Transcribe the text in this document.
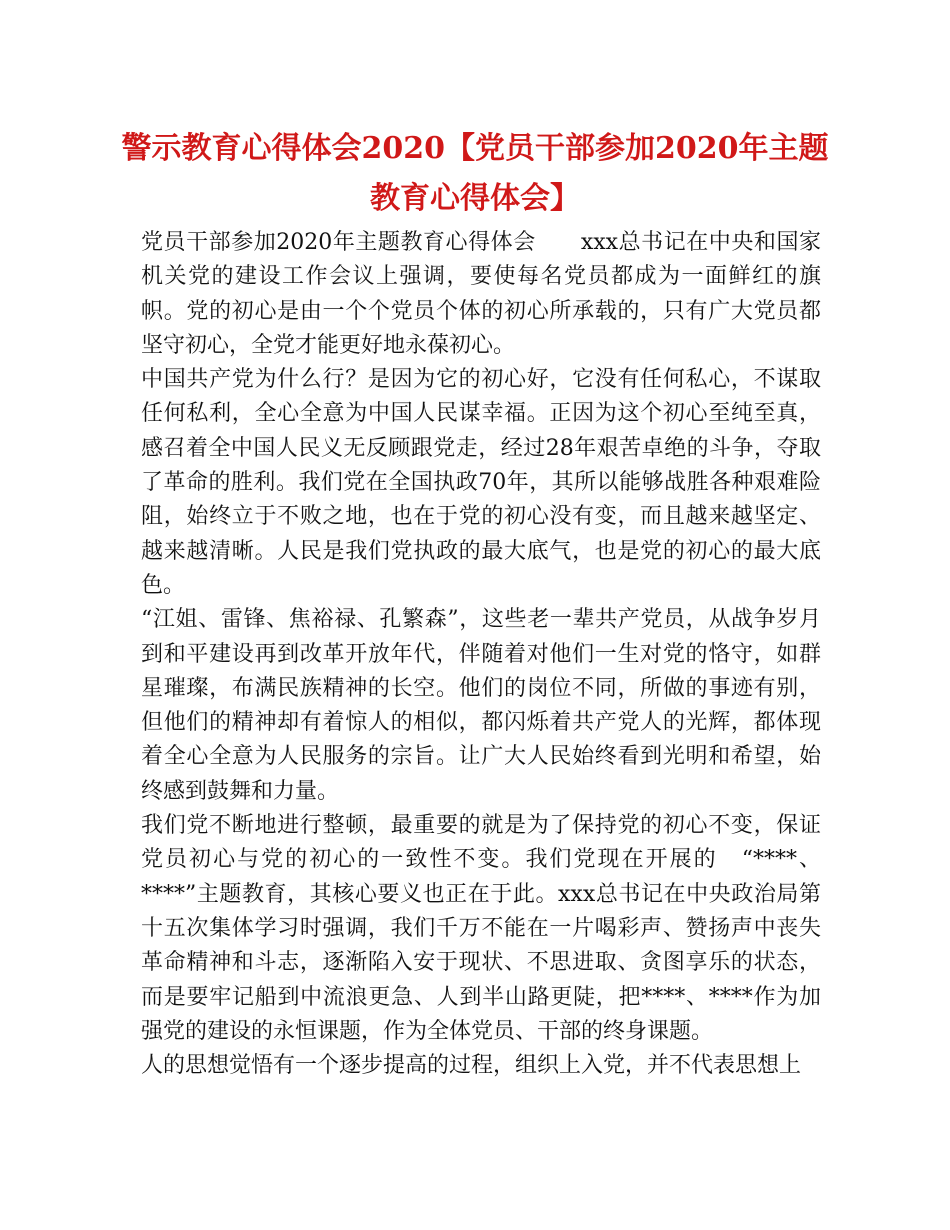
警示教育心得体会2020【党员干部参加2020年主题教育心得体会】

党员干部参加2020年主题教育心得体会　　xxx总书记在中央和国家机关党的建设工作会议上强调，要使每名党员都成为一面鲜红的旗帜。党的初心是由一个个党员个体的初心所承载的，只有广大党员都坚守初心，全党才能更好地永葆初心。

中国共产党为什么行？是因为它的初心好，它没有任何私心，不谋取任何私利，全心全意为中国人民谋幸福。正因为这个初心至纯至真，感召着全中国人民义无反顾跟党走，经过28年艰苦卓绝的斗争，夺取了革命的胜利。我们党在全国执政70年，其所以能够战胜各种艰难险阻，始终立于不败之地，也在于党的初心没有变，而且越来越坚定、越来越清晰。人民是我们党执政的最大底气，也是党的初心的最大底色。

“江姐、雷锋、焦裕禄、孔繁森”，这些老一辈共产党员，从战争岁月到和平建设再到改革开放年代，伴随着对他们一生对党的恪守，如群星璀璨，布满民族精神的长空。他们的岗位不同，所做的事迹有别，但他们的精神却有着惊人的相似，都闪烁着共产党人的光辉，都体现着全心全意为人民服务的宗旨。让广大人民始终看到光明和希望，始终感到鼓舞和力量。

我们党不断地进行整顿，最重要的就是为了保持党的初心不变，保证党员初心与党的初心的一致性不变。我们党现在开展的　“****、****”主题教育，其核心要义也正在于此。xxx总书记在中央政治局第十五次集体学习时强调，我们千万不能在一片喝彩声、赞扬声中丧失革命精神和斗志，逐渐陷入安于现状、不思进取、贪图享乐的状态，而是要牢记船到中流浪更急、人到半山路更陡，把****、****作为加强党的建设的永恒课题，作为全体党员、干部的终身课题。

人的思想觉悟有一个逐步提高的过程，组织上入党，并不代表思想上
